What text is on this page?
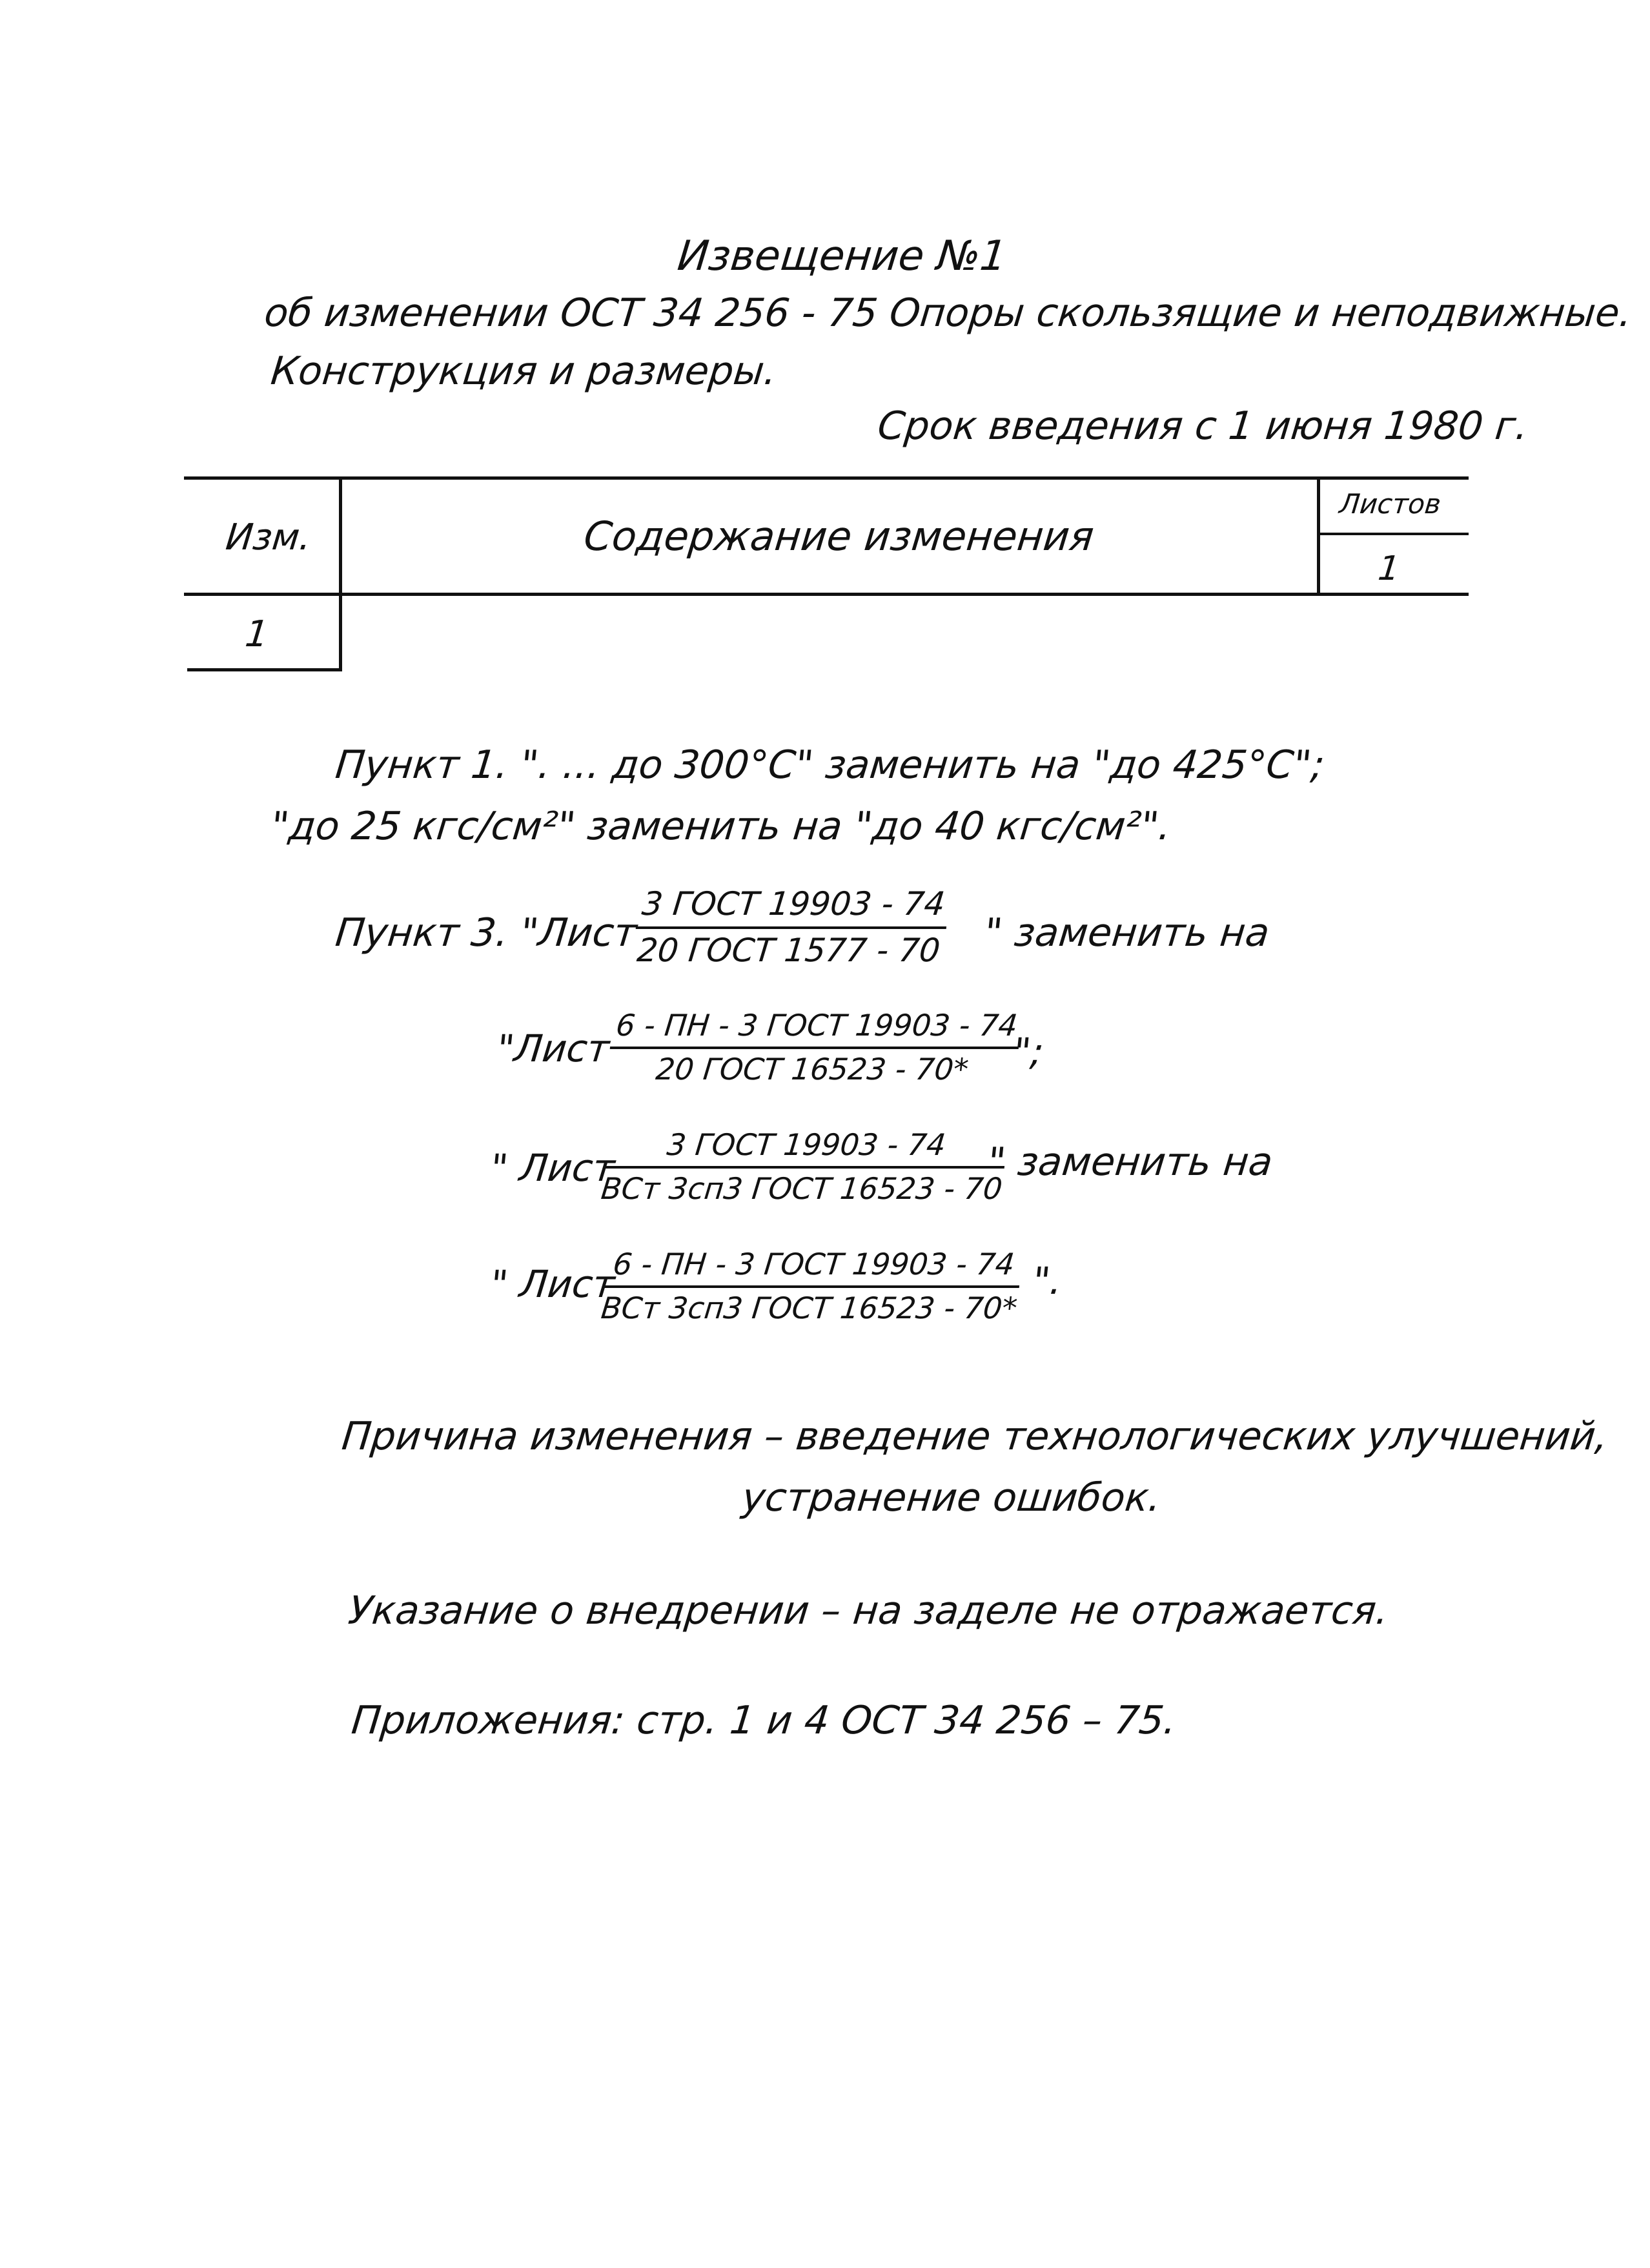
Извещение №1
об изменении ОСТ 34 256 - 75 Опоры скользящие и неподвижные.
Конструкция и размеры.
Срок введения с 1 июня 1980 г.
Изм.	Содержание изменения
Листов
1
1
Пункт 1. ". ... до 300°С" заменить на "до 425°С";
"до 25 кгс/см²" заменить на "до 40 кгс/см²".
Пункт 3. "Лист
3 ГОСТ 19903 - 74
20 ГОСТ 1577 - 70 " заменить на
"Лист
6 - ПН - 3 ГОСТ 19903 - 74
20 ГОСТ 16523 - 70*	";
" Лист
3 ГОСТ 19903 - 74
ВСт 3сп3 ГОСТ 16523 - 70
" заменить на
" Лист
6 - ПН - 3 ГОСТ 19903 - 74
ВСт 3сп3 ГОСТ 16523 - 70*
".
Причина изменения – введение технологических улучшений,
устранение ошибок.
Указание о внедрении – на заделе не отражается.
Приложения: стр. 1 и 4 ОСТ 34 256 – 75.
